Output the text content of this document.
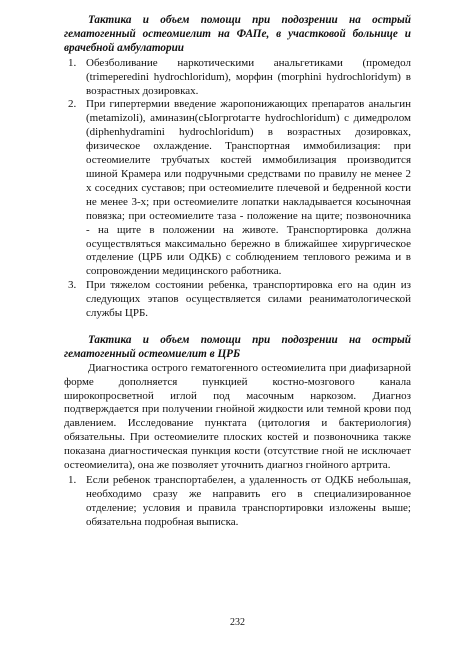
Тактика и объем помощи при подозрении на острый гематогенный остеомиелит на ФАПе, в участковой больнице и врачебной амбулатории

1. Обезболивание наркотическими анальгетиками (промедол (trimeperedini hydrochloridum), морфин (morphini hydrochloridym) в возрастных дозировках.
2. При гипертермии введение жаропонижающих препаратов анальгин (metamizoli), аминазин(сЫогргоtагте hydrochloridum) с димедролом (diphenhydramini hydrochloridum) в возрастных дозировках, физическое охлаждение. Транспортная иммобилизация: при остеомиелите трубчатых костей иммобилизация производится шиной Крамера или подручными средствами по правилу не менее 2 х соседних суставов; при остеомиелите плечевой и бедренной кости не менее 3-х; при остеомиелите лопатки накладывается косыночная повязка; при остеомиелите таза - положение на щите; позвоночника - на щите в положении на животе. Транспортировка должна осуществляться максимально бережно в ближайшее хирургическое отделение (ЦРБ или ОДКБ) с соблюдением теплового режима и в сопровождении медицинского работника.
3. При тяжелом состоянии ребенка, транспортировка его на один из следующих этапов осуществляется силами реаниматологической службы ЦРБ.

Тактика и объем помощи при подозрении на острый гематогенный остеомиелит в ЦРБ

Диагностика острого гематогенного остеомиелита при диафизарной форме дополняется пункцией костно-мозгового канала широкопросветной иглой под масочным наркозом. Диагноз подтверждается при получении гнойной жидкости или темной крови под давлением. Исследование пунктата (цитология и бактериология) обязательны. При остеомиелите плоских костей и позвоночника также показана диагностическая пункция кости (отсутствие гной не исключает остеомиелита), она же позволяет уточнить диагноз гнойного артрита.

1. Если ребенок транспортабелен, а удаленность от ОДКБ небольшая, необходимо сразу же направить его в специализированное отделение; условия и правила транспортировки изложены выше; обязательна подробная выписка.
232
